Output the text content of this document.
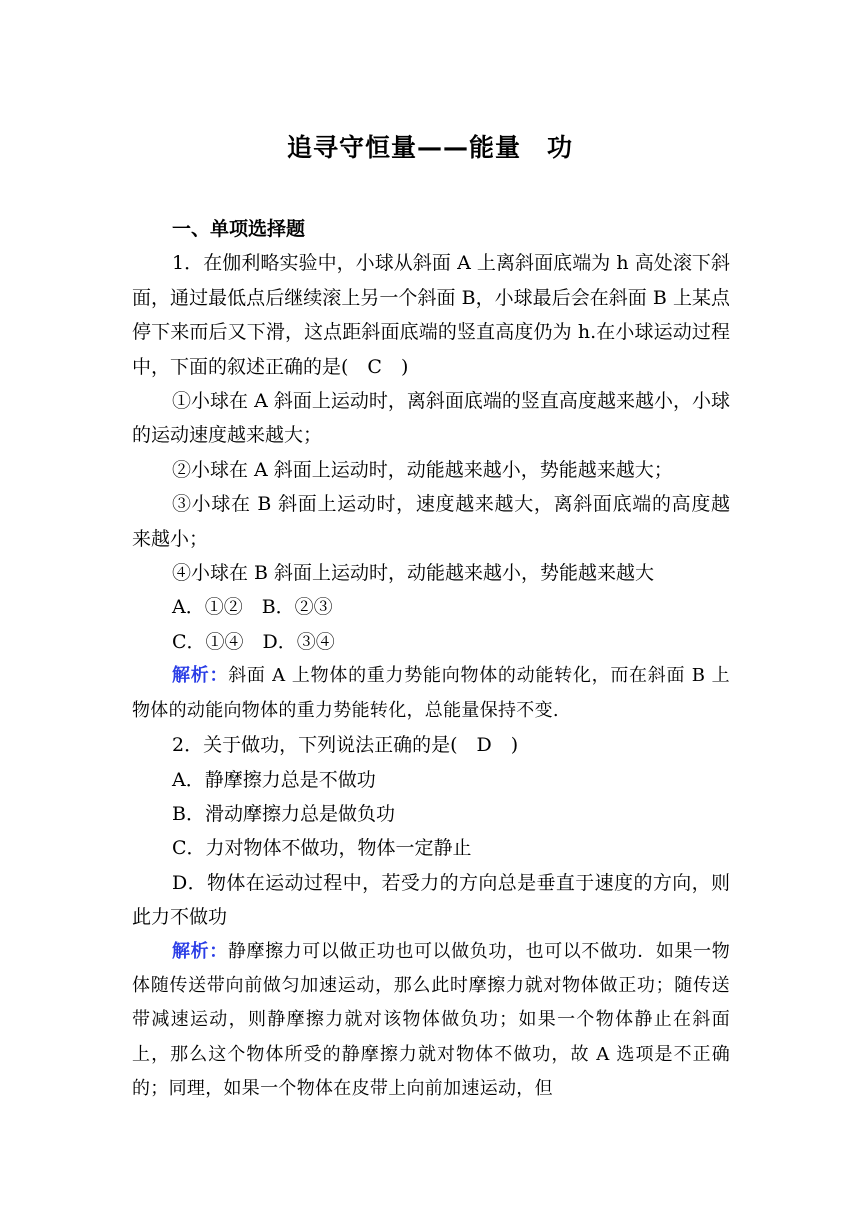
追寻守恒量——能量　功

一、单项选择题

1．在伽利略实验中，小球从斜面 A 上离斜面底端为 h 高处滚下斜面，通过最低点后继续滚上另一个斜面 B，小球最后会在斜面 B 上某点停下来而后又下滑，这点距斜面底端的竖直高度仍为 h.在小球运动过程中，下面的叙述正确的是(　C　)

①小球在 A 斜面上运动时，离斜面底端的竖直高度越来越小，小球的运动速度越来越大；

②小球在 A 斜面上运动时，动能越来越小，势能越来越大；

③小球在 B 斜面上运动时，速度越来越大，离斜面底端的高度越来越小；

④小球在 B 斜面上运动时，动能越来越小，势能越来越大

A．①②　B．②③

C．①④　D．③④

解析：斜面 A 上物体的重力势能向物体的动能转化，而在斜面 B 上物体的动能向物体的重力势能转化，总能量保持不变.

2．关于做功，下列说法正确的是(　D　)

A．静摩擦力总是不做功

B．滑动摩擦力总是做负功

C．力对物体不做功，物体一定静止

D．物体在运动过程中，若受力的方向总是垂直于速度的方向，则此力不做功

解析：静摩擦力可以做正功也可以做负功，也可以不做功．如果一物体随传送带向前做匀加速运动，那么此时摩擦力就对物体做正功；随传送带减速运动，则静摩擦力就对该物体做负功；如果一个物体静止在斜面上，那么这个物体所受的静摩擦力就对物体不做功，故 A 选项是不正确的；同理，如果一个物体在皮带上向前加速运动，但
